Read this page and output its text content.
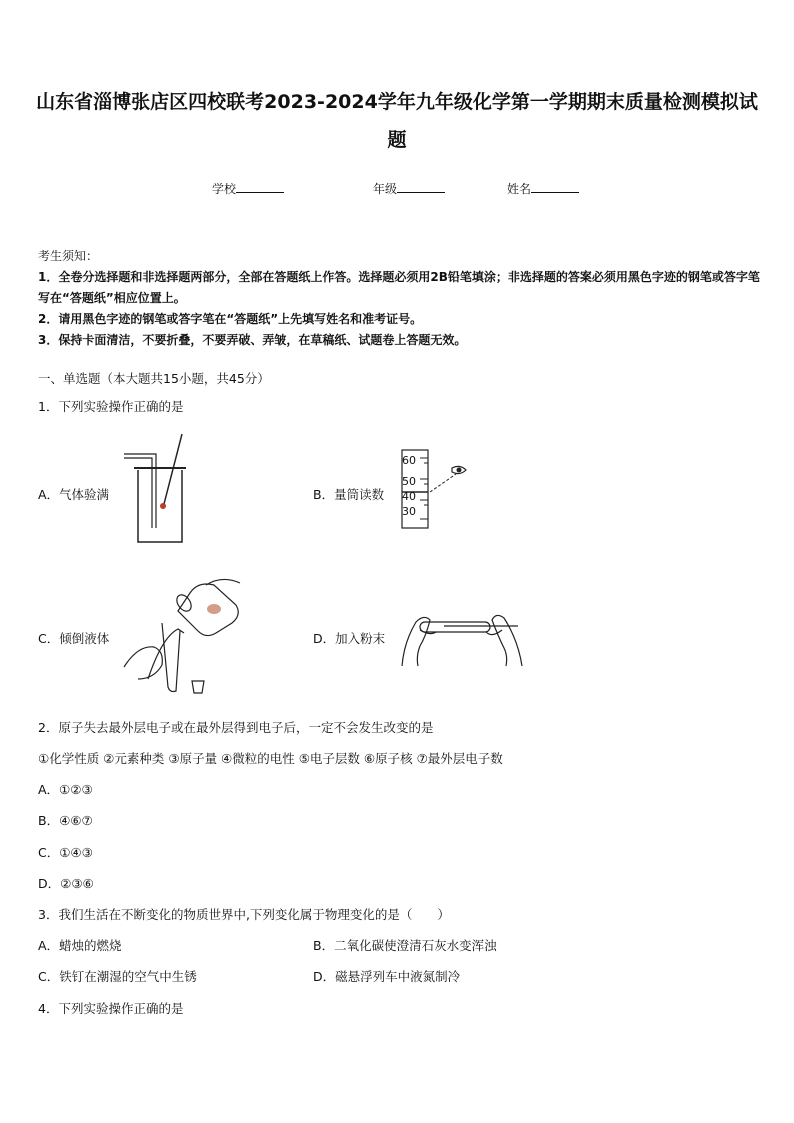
山东省淄博张店区四校联考2023-2024学年九年级化学第一学期期末质量检测模拟试
题
学校	年级	姓名
考生须知：
1．全卷分选择题和非选择题两部分，全部在答题纸上作答。选择题必须用2B铅笔填涂；非选择题的答案必须用黑色字迹的钢笔或答字笔写在“答题纸”相应位置上。
2．请用黑色字迹的钢笔或答字笔在“答题纸”上先填写姓名和准考证号。
3．保持卡面清洁，不要折叠，不要弄破、弄皱，在草稿纸、试题卷上答题无效。
一、单选题（本大题共15小题，共45分）
1．下列实验操作正确的是
A．气体验满	B．量筒读数
60
50
40
30
C．倾倒液体	D．加入粉末
2．原子失去最外层电子或在最外层得到电子后，一定不会发生改变的是
①化学性质 ②元素种类 ③原子量 ④微粒的电性 ⑤电子层数 ⑥原子核 ⑦最外层电子数
A．①②③
B．④⑥⑦
C．①④③
D．②③⑥
3．我们生活在不断变化的物质世界中,下列变化属于物理变化的是（　　）
A．蜡烛的燃烧	B．二氧化碳使澄清石灰水变浑浊
C．铁钉在潮湿的空气中生锈	D．磁悬浮列车中液氮制冷
4．下列实验操作正确的是
